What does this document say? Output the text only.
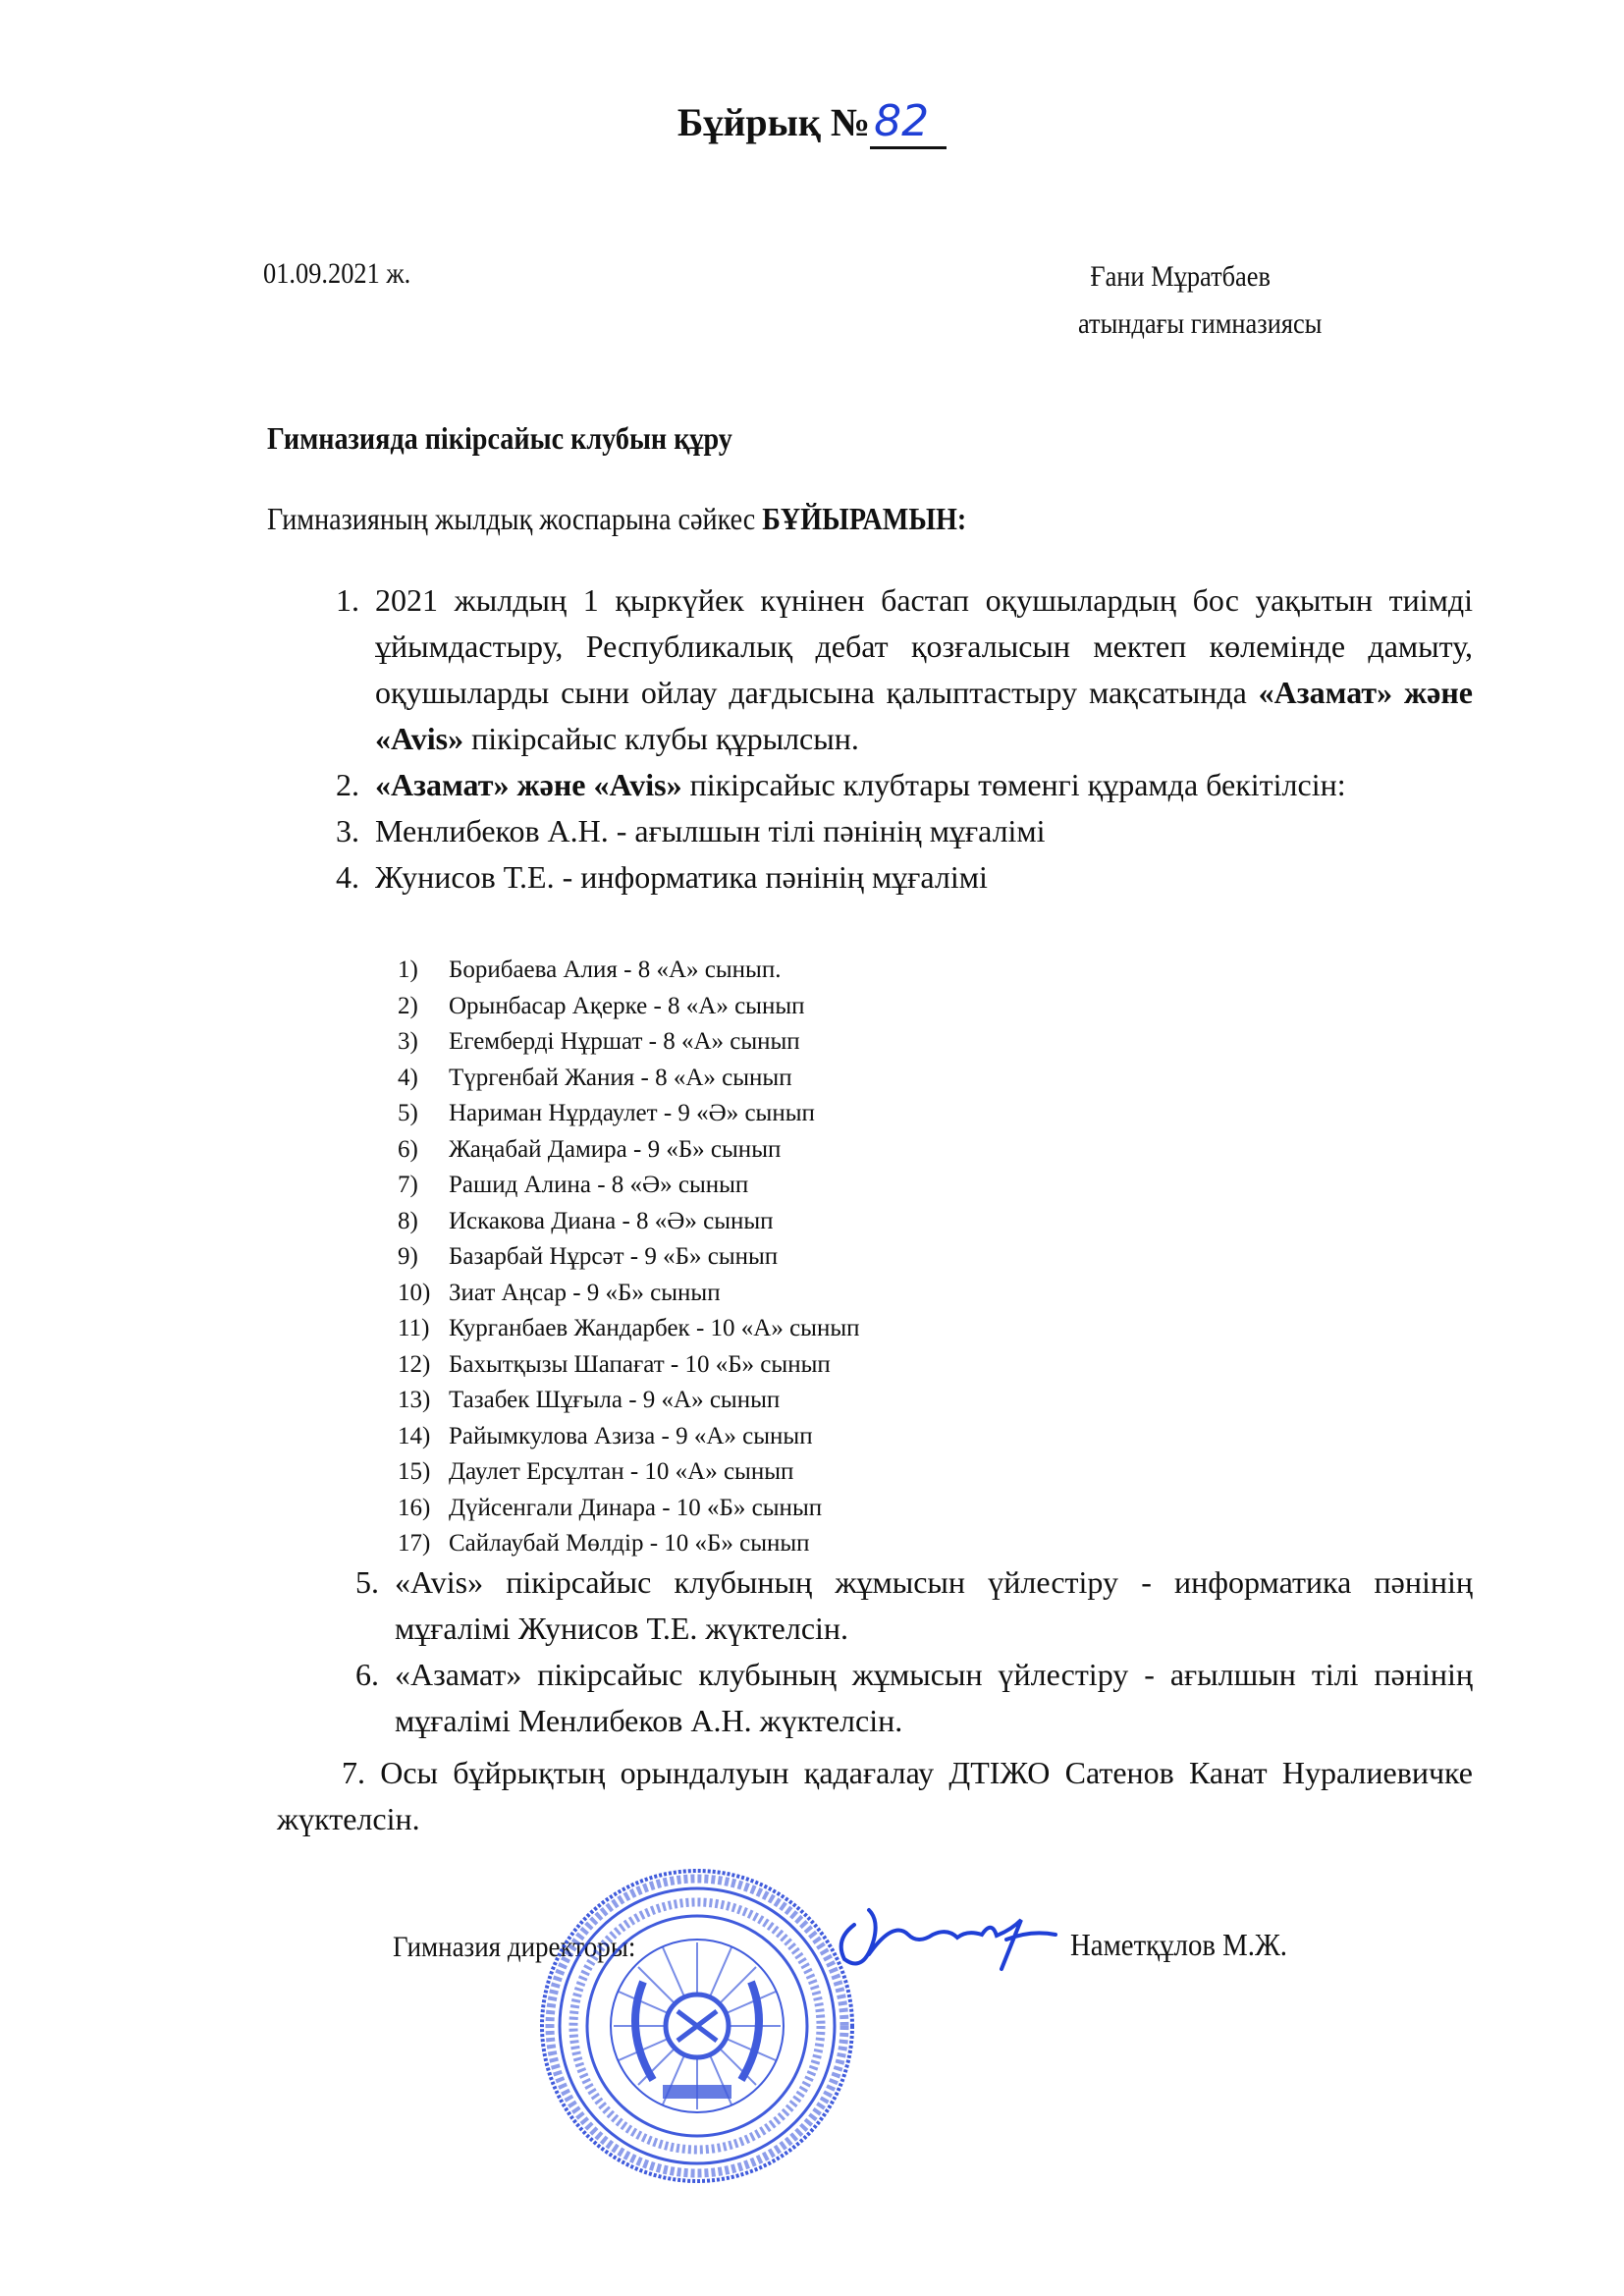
Бұйрық №82
01.09.2021 ж.	Ғани Мұратбаев
атындағы гимназиясы
Гимназияда пікірсайыс клубын құру
Гимназияның жылдық жоспарына сәйкес БҰЙЫРАМЫН:
1. 2021 жылдың 1 қыркүйек күнінен бастап оқушылардың бос уақытын тиімді ұйымдастыру, Республикалық дебат қозғалысын мектеп көлемінде дамыту, оқушыларды сыни ойлау дағдысына қалыптастыру мақсатында «Азамат» және «Avis» пікірсайыс клубы құрылсын.
2. «Азамат» және «Avis» пікірсайыс клубтары төменгі құрамда бекітілсін:
3. Менлибеков А.Н. - ағылшын тілі пәнінің мұғалімі
4. Жунисов Т.Е. - информатика пәнінің мұғалімі
1) Борибаева Алия - 8 «А» сынып.
2) Орынбасар Ақерке - 8 «А» сынып
3) Егемберді Нұршат - 8 «А» сынып
4) Түргенбай Жания - 8 «А» сынып
5) Нариман Нұрдаулет - 9 «Ә» сынып
6) Жаңабай Дамира - 9 «Б» сынып
7) Рашид Алина - 8 «Ә» сынып
8) Искакова Диана - 8 «Ә» сынып
9) Базарбай Нұрсәт - 9 «Б» сынып
10) Зиат Аңсар - 9 «Б» сынып
11) Курганбаев Жандарбек - 10 «А» сынып
12) Бахытқызы Шапағат - 10 «Б» сынып
13) Тазабек Шұғыла - 9 «А» сынып
14) Райымкулова Азиза - 9 «А» сынып
15) Даулет Ерсұлтан - 10 «А» сынып
16) Дүйсенгали Динара - 10 «Б» сынып
17) Сайлаубай Мөлдір - 10 «Б» сынып
5. «Avis» пікірсайыс клубының жұмысын үйлестіру - информатика пәнінің мұғалімі Жунисов Т.Е. жүктелсін.
6. «Азамат» пікірсайыс клубының жұмысын үйлестіру - ағылшын тілі пәнінің мұғалімі Менлибеков А.Н. жүктелсін.
7. Осы бұйрықтың орындалуын қадағалау ДТІЖО Сатенов Канат Нуралиевичке жүктелсін.
Гимназия директоры:	Наметқұлов М.Ж.
